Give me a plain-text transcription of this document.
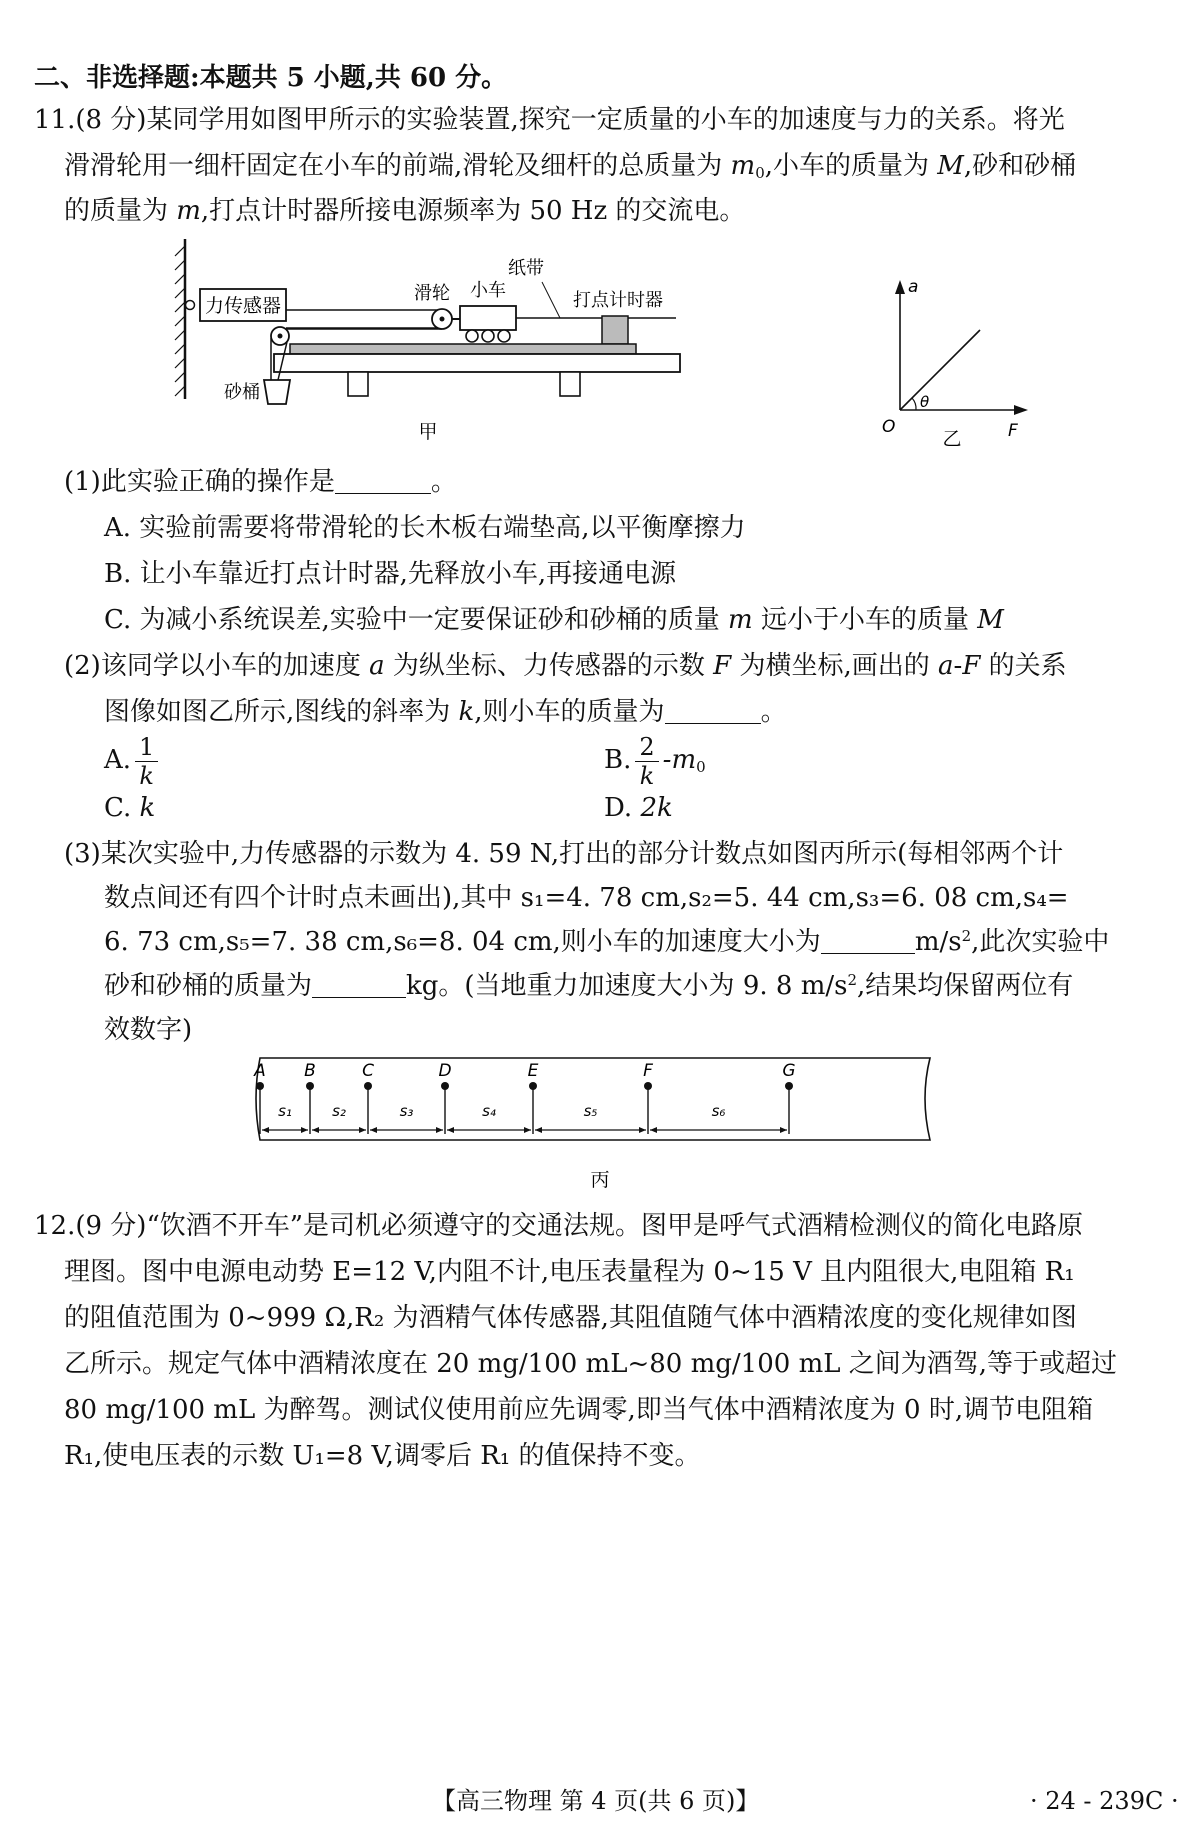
二、非选择题:本题共 5 小题,共 60 分。
11.(8 分)某同学用如图甲所示的实验装置,探究一定质量的小车的加速度与力的关系。将光
滑滑轮用一细杆固定在小车的前端,滑轮及细杆的总质量为 $m_0$,小车的质量为 M,砂和砂桶
的质量为 m,打点计时器所接电源频率为 50 Hz 的交流电。
力传感器
滑轮 小车
纸带
打点计时器
砂桶
甲
a
F
O
θ
乙
(1)此实验正确的操作是	。
A. 实验前需要将带滑轮的长木板右端垫高,以平衡摩擦力
B. 让小车靠近打点计时器,先释放小车,再接通电源
C. 为减小系统误差,实验中一定要保证砂和砂桶的质量 m 远小于小车的质量 M
(2)该同学以小车的加速度 a 为纵坐标、力传感器的示数 F 为横坐标,画出的 a-F 的关系
图像如图乙所示,图线的斜率为 k,则小车的质量为	。
A. $\frac{1}{k}$	B. $\frac{2}{k} -m_0$
C. k	D. 2k
(3)某次实验中,力传感器的示数为 4. 59 N,打出的部分计数点如图丙所示(每相邻两个计
数点间还有四个计时点未画出),其中 s₁=4. 78 cm,s₂=5. 44 cm,s₃=6. 08 cm,s₄=
6. 73 cm,s₅=7. 38 cm,s₆=8. 04 cm,则小车的加速度大小为	$m/s^2$,此次实验中
砂和砂桶的质量为	kg。(当地重力加速度大小为 9. 8 $m/s^2$,结果均保留两位有
效数字)
A B	C	D	E	F	G
s₁	s₂	s₃	s₄	s₅	s₆
丙
12.(9 分)“饮酒不开车”是司机必须遵守的交通法规。图甲是呼气式酒精检测仪的简化电路原
理图。图中电源电动势 E=12 V,内阻不计,电压表量程为 0~15 V 且内阻很大,电阻箱 R₁
的阻值范围为 0~999 Ω,R₂ 为酒精气体传感器,其阻值随气体中酒精浓度的变化规律如图
乙所示。规定气体中酒精浓度在 20 mg/100 mL~80 mg/100 mL 之间为酒驾,等于或超过
80 mg/100 mL 为醉驾。测试仪使用前应先调零,即当气体中酒精浓度为 0 时,调节电阻箱
R₁,使电压表的示数 U₁=8 V,调零后 R₁ 的值保持不变。
【高三物理 第 4 页(共 6 页)】	· 24 - 239C ·
